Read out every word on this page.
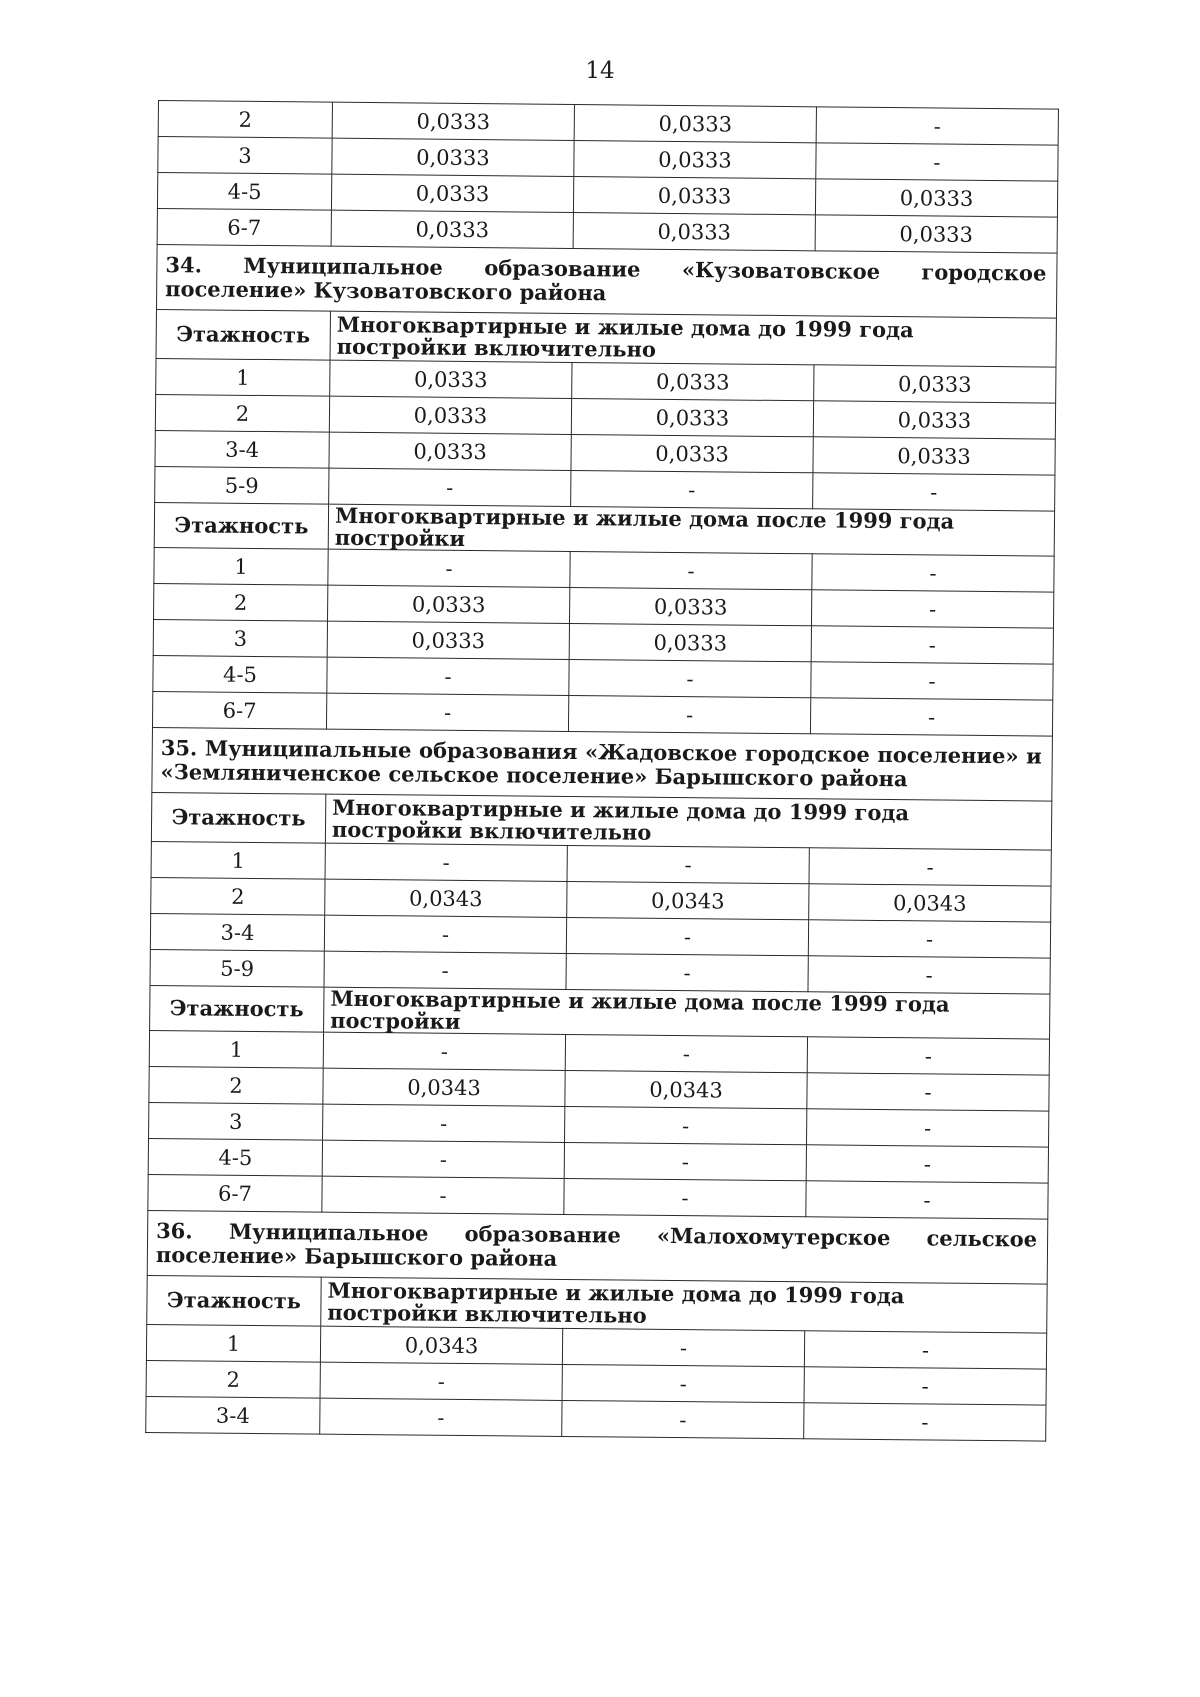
14
2	0,0333	0,0333	-
3	0,0333	0,0333	-
4-5	0,0333	0,0333	0,0333
6-7	0,0333	0,0333	0,0333
34. Муниципальное образование «Кузоватовское городское поселение» Кузоватовского района			
Этажность	Многоквартирные и жилые дома до 1999 года постройки включительно		
1	0,0333	0,0333	0,0333
2	0,0333	0,0333	0,0333
3-4	0,0333	0,0333	0,0333
5-9	-	-	-
Этажность	Многоквартирные и жилые дома после 1999 года постройки		
1	-	-	-
2	0,0333	0,0333	-
3	0,0333	0,0333	-
4-5	-	-	-
6-7	-	-	-
35. Муниципальные образования «Жадовское городское поселение» и «Земляниченское сельское поселение» Барышского района			
Этажность	Многоквартирные и жилые дома до 1999 года постройки включительно		
1	-	-	-
2	0,0343	0,0343	0,0343
3-4	-	-	-
5-9	-	-	-
Этажность	Многоквартирные и жилые дома после 1999 года постройки		
1	-	-	-
2	0,0343	0,0343	-
3	-	-	-
4-5	-	-	-
6-7	-	-	-
36. Муниципальное образование «Малохомутерское сельское поселение» Барышского района			
Этажность	Многоквартирные и жилые дома до 1999 года постройки включительно		
1	0,0343	-	-
2	-	-	-
3-4	-	-	-
